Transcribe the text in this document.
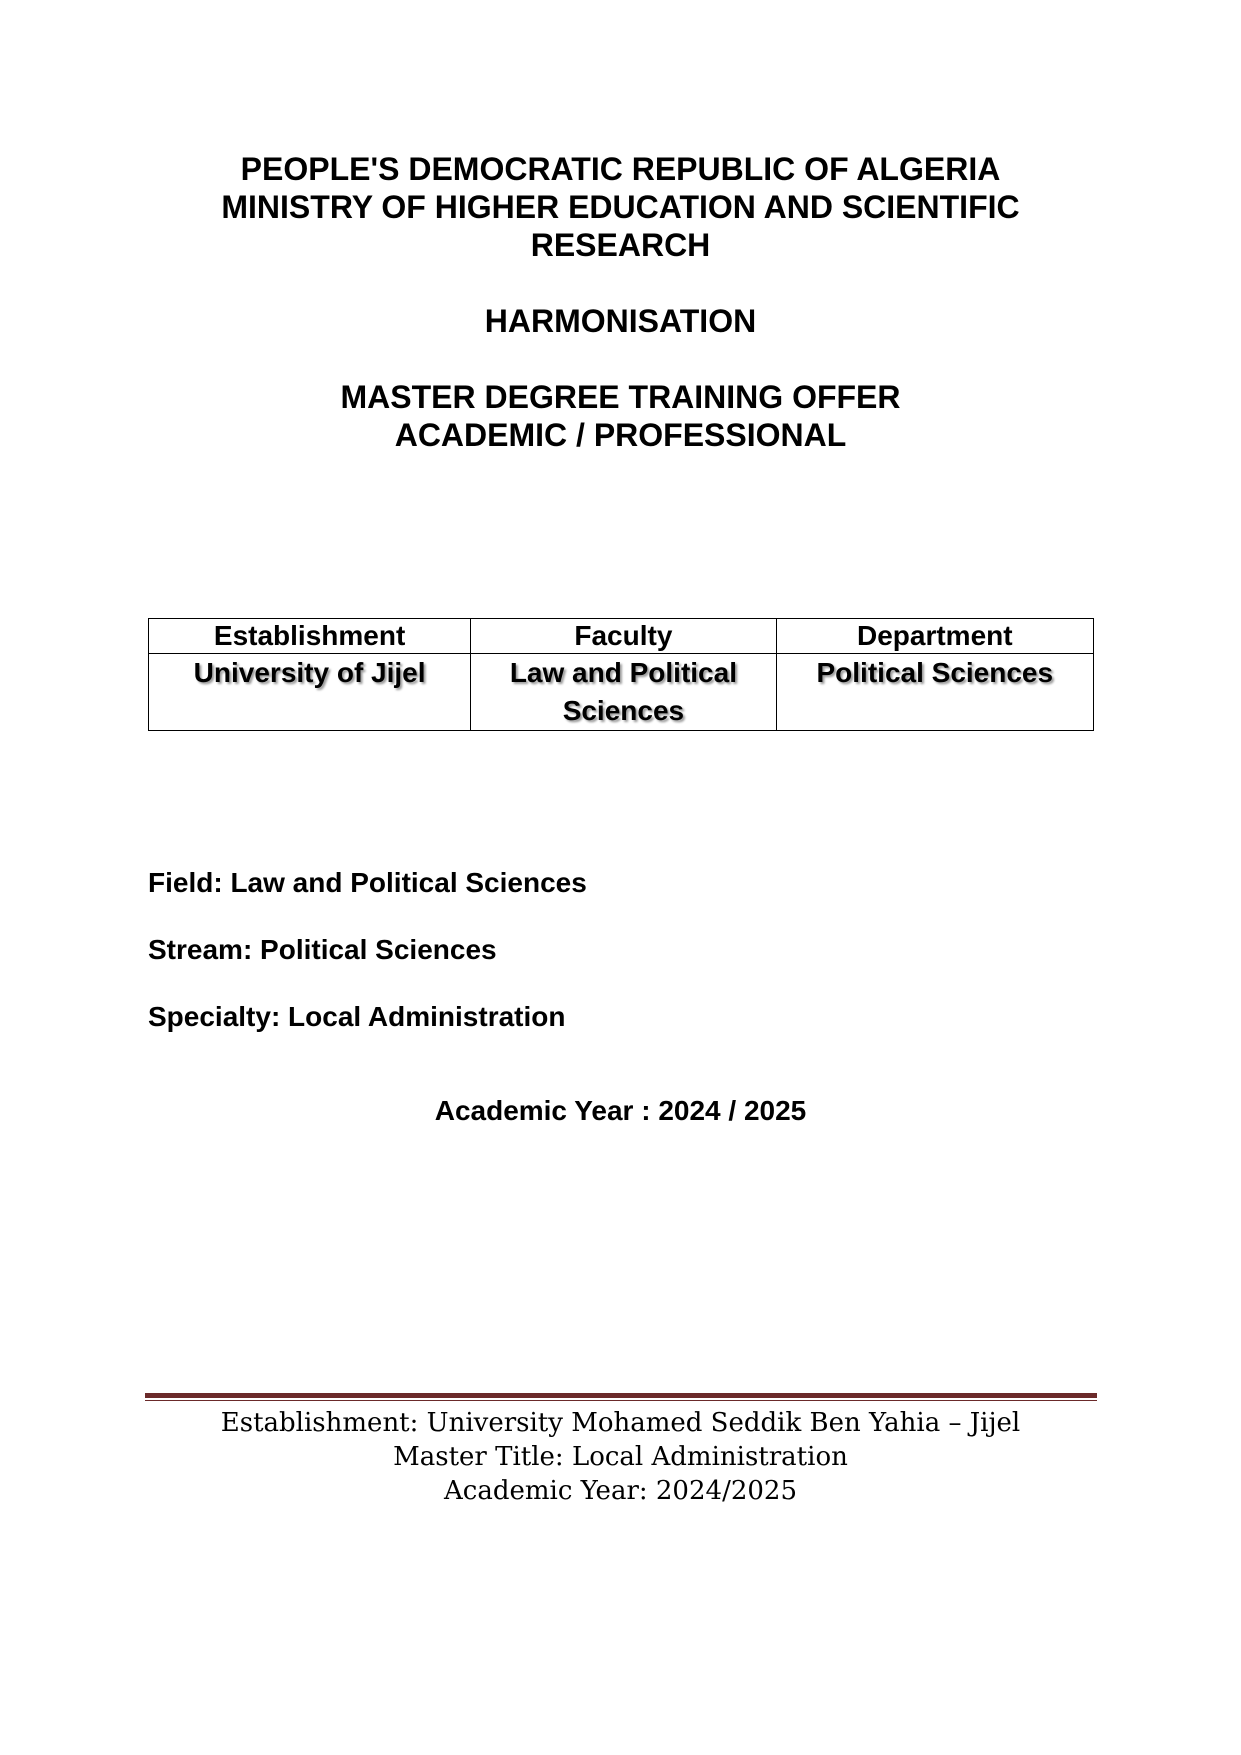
PEOPLE'S DEMOCRATIC REPUBLIC OF ALGERIA
MINISTRY OF HIGHER EDUCATION AND SCIENTIFIC
RESEARCH
HARMONISATION
MASTER DEGREE TRAINING OFFER
ACADEMIC / PROFESSIONAL
Establishment	Faculty	Department
University of Jijel	Law and Political Sciences	Political Sciences
Field: Law and Political Sciences
Stream: Political Sciences
Specialty: Local Administration
Academic Year : 2024 / 2025
Establishment: University Mohamed Seddik Ben Yahia – Jijel
Master Title: Local Administration
Academic Year: 2024/2025
